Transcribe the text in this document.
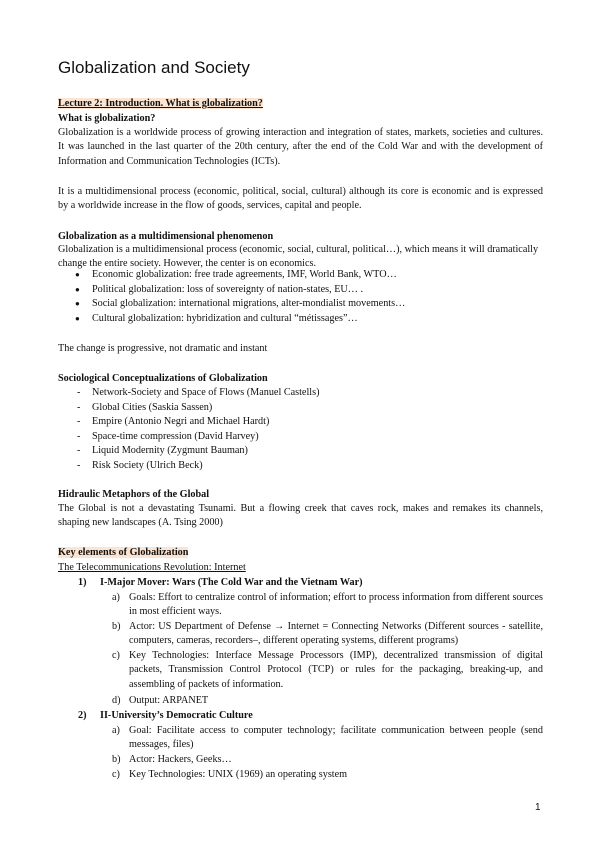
Globalization and Society
Lecture 2: Introduction. What is globalization?
What is globalization?
Globalization is a worldwide process of growing interaction and integration of states, markets, societies and cultures. It was launched in the last quarter of the 20th century, after the end of the Cold War and with the development of Information and Communication Technologies (ICTs).
It is a multidimensional process (economic, political, social, cultural) although its core is economic and is expressed by a worldwide increase in the flow of goods, services, capital and people.
Globalization as a multidimensional phenomenon
Globalization is a multidimensional process (economic, social, cultural, political…), which means it will dramatically change the entire society. However, the center is on economics.
● Economic globalization: free trade agreements, IMF, World Bank, WTO…
● Political globalization: loss of sovereignty of nation-states, EU… .
● Social globalization: international migrations, alter-mondialist movements…
● Cultural globalization: hybridization and cultural “métissages”…
The change is progressive, not dramatic and instant
Sociological Conceptualizations of Globalization
- Network-Society and Space of Flows (Manuel Castells)
- Global Cities (Saskia Sassen)
- Empire (Antonio Negri and Michael Hardt)
- Space-time compression (David Harvey)
- Liquid Modernity (Zygmunt Bauman)
- Risk Society (Ulrich Beck)
Hidraulic Metaphors of the Global
The Global is not a devastating Tsunami. But a flowing creek that caves rock, makes and remakes its channels, shaping new landscapes (A. Tsing 2000)
Key elements of Globalization
The Telecommunications Revolution: Internet
1) I-Major Mover: Wars (The Cold War and the Vietnam War)
a) Goals: Effort to centralize control of information; effort to process information from different sources in most efficient ways.
b) Actor: US Department of Defense → Internet = Connecting Networks (Different sources - satellite, computers, cameras, recorders–, different operating systems, different programs)
c) Key Technologies: Interface Message Processors (IMP), decentralized transmission of digital packets, Transmission Control Protocol (TCP) or rules for the packaging, breaking-up, and assembling of packets of information.
d) Output: ARPANET
2) II-University’s Democratic Culture
a) Goal: Facilitate access to computer technology; facilitate communication between people (send messages, files)
b) Actor: Hackers, Geeks…
c) Key Technologies: UNIX (1969) an operating system
1
